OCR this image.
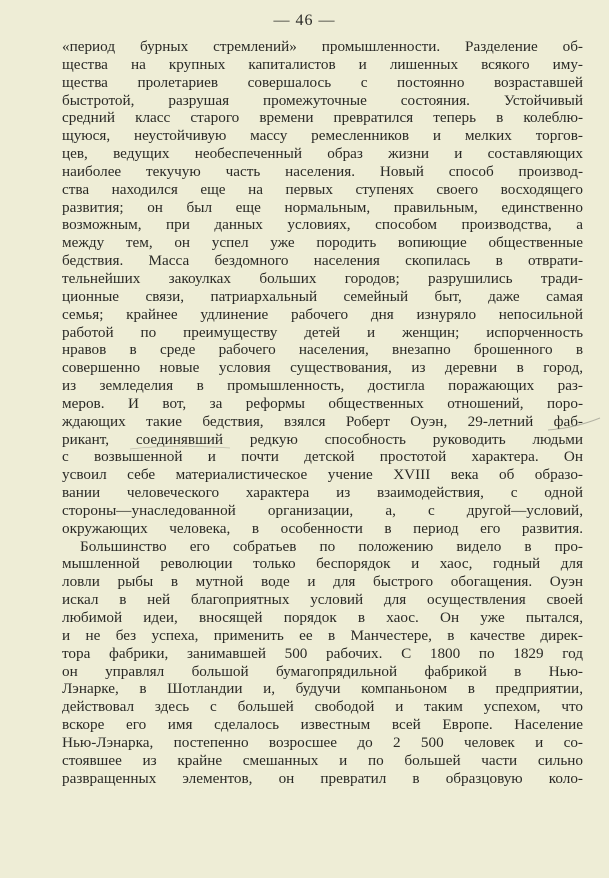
— 46 —
«период бурных стремлений» промышленности. Разделение об-
щества на крупных капиталистов и лишенных всякого иму-
щества пролетариев совершалось с постоянно возраставшей
быстротой, разрушая промежуточные состояния. Устойчивый
средний класс старого времени превратился теперь в колеблю-
щуюся, неустойчивую массу ремесленников и мелких торгов-
цев, ведущих необеспеченный образ жизни и составляющих
наиболее текучую часть населения. Новый способ производ-
ства находился еще на первых ступенях своего восходящего
развития; он был еще нормальным, правильным, единственно
возможным, при данных условиях, способом производства, а
между тем, он успел уже породить вопиющие общественные
бедствия. Масса бездомного населения скопилась в отврати-
тельнейших закоулках больших городов; разрушились тради-
ционные связи, патриархальный семейный быт, даже самая
семья; крайнее удлинение рабочего дня изнуряло непосильной
работой по преимуществу детей и женщин; испорченность
нравов в среде рабочего населения, внезапно брошенного в
совершенно новые условия существования, из деревни в город,
из земледелия в промышленность, достигла поражающих раз-
меров. И вот, за реформы общественных отношений, поро-
ждающих такие бедствия, взялся Роберт Оуэн, 29-летний фаб-
рикант, соединявший редкую способность руководить людьми
с возвышенной и почти детской простотой характера. Он
усвоил себе материалистическое учение XVIII века об образо-
вании человеческого характера из взаимодействия, с одной
стороны—унаследованной организации, а, с другой—условий,
окружающих человека, в особенности в период его развития.
Большинство его собратьев по положению видело в про-
мышленной революции только беспорядок и хаос, годный для
ловли рыбы в мутной воде и для быстрого обогащения. Оуэн
искал в ней благоприятных условий для осуществления своей
любимой идеи, вносящей порядок в хаос. Он уже пытался,
и не без успеха, применить ее в Манчестере, в качестве дирек-
тора фабрики, занимавшей 500 рабочих. С 1800 по 1829 год
он управлял большой бумагопрядильной фабрикой в Нью-
Лэнарке, в Шотландии и, будучи компаньоном в предприятии,
действовал здесь с большей свободой и таким успехом, что
вскоре его имя сделалось известным всей Европе. Население
Нью-Лэнарка, постепенно возросшее до 2 500 человек и со-
стоявшее из крайне смешанных и по большей части сильно
развращенных элементов, он превратил в образцовую коло-
